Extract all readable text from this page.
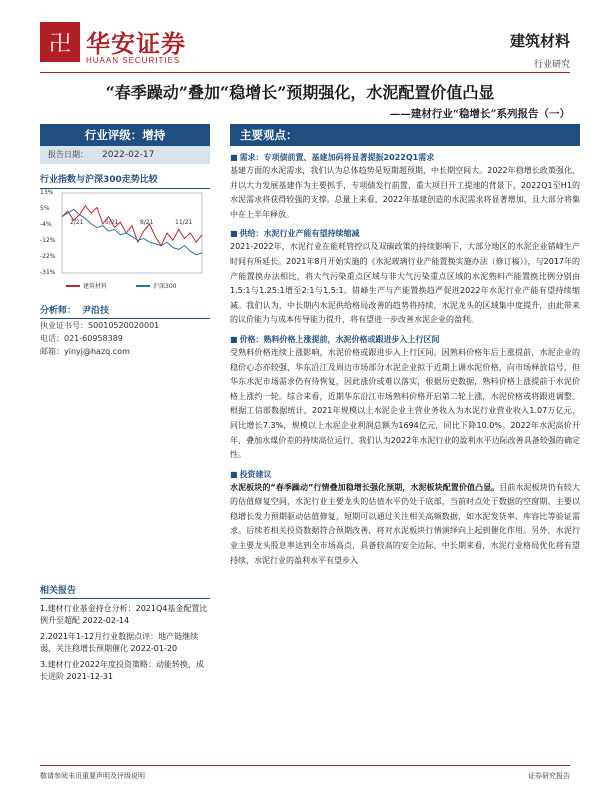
卍 华安证券
HUAAN SECURITIES
建筑材料
行业研究
“春季躁动”叠加“稳增长”预期强化，水泥配置价值凸显
——建材行业“稳增长”系列报告（一）
行业评级：增持
报告日期： 2022-02-17
行业指数与沪深300走势比较
13%
5%
-4%
-12%
-22%
-31%
2/21	5/21	8/21	11/21
建筑材料	沪深300
分析师： 尹沿技
执业证书号：S0010520020001
电话：021-60958389
邮箱：yinyj@hazq.com
相关报告
1.建材行业基金持仓分析：2021Q4基金配置比例升至超配 2022-02-14
2.2021年1-12月行业数据点评：地产链继续弱，关注稳增长预期催化 2022-01-20
3.建材行业2022年度投资策略：动能转换，成长进阶 2021-12-31
主要观点：
■ 需求：专项债前置、基建加码将显著提振2022Q1需求
基建方面的水泥需求，我们认为总体趋势是短期超预期，中长期空间大。2022年稳增长政策强化，并以大力发展基建作为主要抓手，专项债发行前置、重大项目开工提速的背景下，2022Q1至H1的水泥需求将获得较强的支撑。总量上来看，2022年基建创造的水泥需求将显著增加，且大部分将集中在上半年释放。
■ 供给：水泥行业产能有望持续缩减
2021-2022年，水泥行业在能耗管控以及双碳政策的持续影响下，大部分地区的水泥企业错峰生产时间有所延长。2021年8月开始实施的《水泥玻璃行业产能置换实施办法（修订稿）》，与2017年的产能置换办法相比，将大气污染重点区域与非大气污染重点区域的水泥熟料产能置换比例分别由1.5:1与1.25:1增至2:1与1.5:1。错峰生产与产能置换趋严促进2022年水泥行业产能有望持续缩减。我们认为，中长期内水泥供给格局改善的趋势将持续，水泥龙头的区域集中度提升，由此带来的议价能力与成本传导能力提升，将有望进一步改善水泥企业的盈利。
■ 价格：熟料价格上涨提前，水泥价格或跟进步入上行区间
受熟料价格连续上涨影响，水泥价格或跟进步入上行区间，因熟料价格年后上涨提前，水泥企业的稳价心态亦较强，华东沿江及周边市场部分水泥企业拟于近期上调水泥价格，向市场释放信号，但华东水泥市场需求仍有待恢复，因此涨价或难以落实，根据历史数据，熟料价格上涨提前于水泥价格上涨约一轮。综合来看，近期华东沿江市场熟料价格开启第二轮上涨，水泥价格或将跟进调整。根据工信部数据统计，2021年规模以上水泥企业主营业务收入为水泥行业营业收入1.07万亿元，同比增长7.3%，规模以上水泥企业利润总额为1694亿元，同比下降10.0%。2022年水泥高价开年，叠加水煤价差的持续高位运行，我们认为2022年水泥行业的盈利水平边际改善具备较强的确定性。
■ 投资建议
水泥板块的“春季躁动”行情叠加稳增长强化预期，水泥板块配置价值凸显。目前水泥板块仍有较大的估值修复空间，水泥行业主要龙头的估值水平仍处于底部，当前时点处于数据的空窗期，主要以稳增长发力预期驱动估值修复，短期可以通过关注相关高频数据，如水泥发货率、库容比等验证需求。后续若相关投资数据符合预期改善，将对水泥板块行情演绎向上起到催化作用。另外，水泥行业主要龙头股息率达到全市场高点，具备较高的安全边际。中长期来看，水泥行业格局优化将有望持续，水泥行业的盈利水平有望步入
敬请参阅末页重要声明及评级说明	证券研究报告
